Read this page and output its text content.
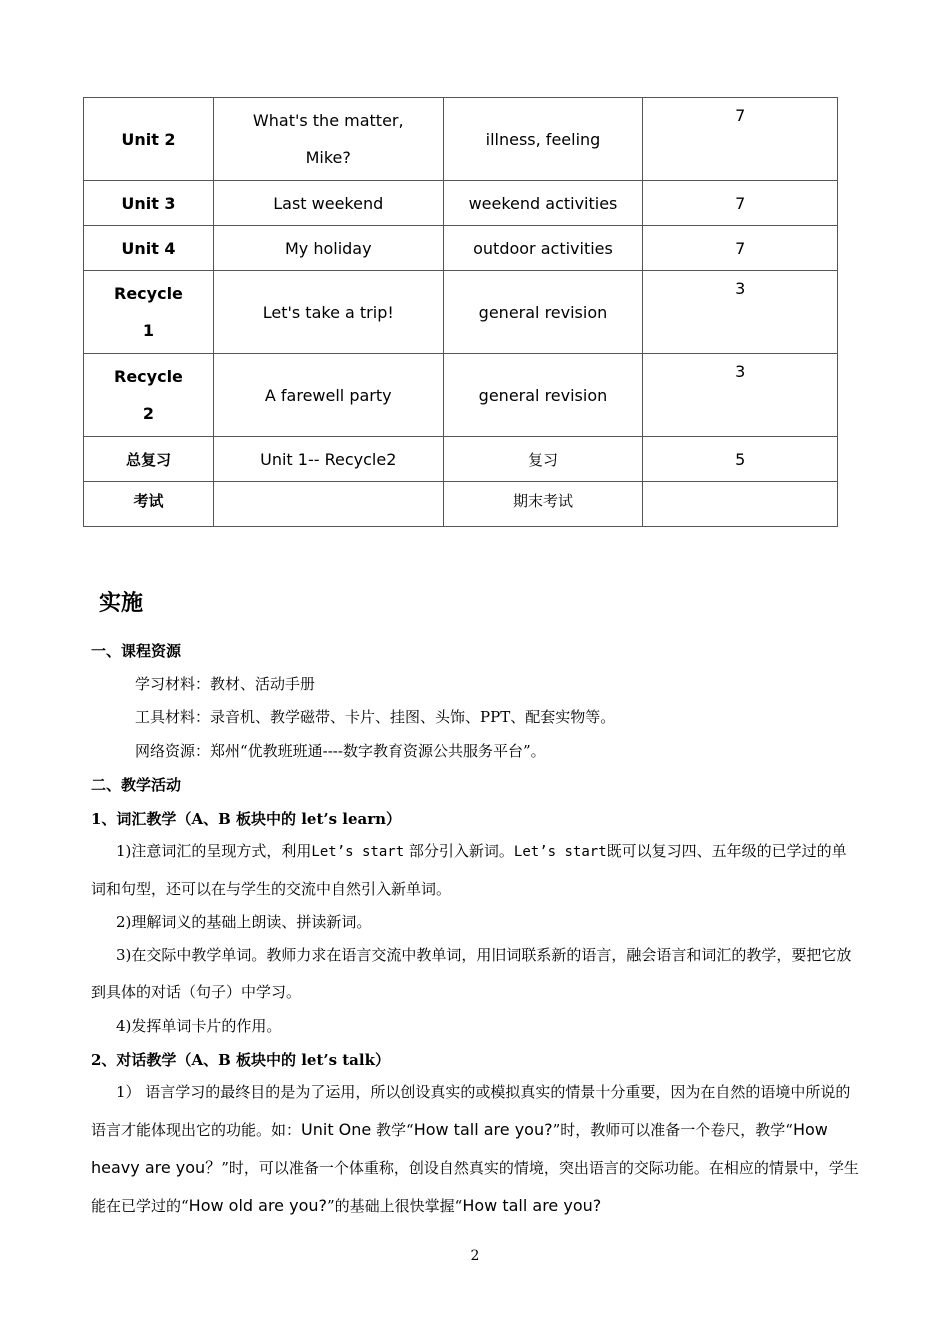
Unit 2	What's the matter, Mike?	illness, feeling	7
Unit 3	Last weekend	weekend activities	7
Unit 4	My holiday	outdoor activities	7
Recycle 1	Let's take a trip!	general revision	3
Recycle 2	A farewell party	general revision	3
总复习	Unit 1-- Recycle2	复习	5
考试		期末考试	
实施
一、课程资源
学习材料：教材、活动手册
工具材料：录音机、教学磁带、卡片、挂图、头饰、PPT、配套实物等。
网络资源：郑州“优教班班通----数字教育资源公共服务平台”。
二、教学活动
1、词汇教学（A、B 板块中的 let’s learn）
1)注意词汇的呈现方式，利用Let’s start 部分引入新词。Let’s start既可以复习四、五年级的已学过的单词和句型，还可以在与学生的交流中自然引入新单词。
2)理解词义的基础上朗读、拼读新词。
3)在交际中教学单词。教师力求在语言交流中教单词，用旧词联系新的语言，融会语言和词汇的教学，要把它放到具体的对话（句子）中学习。
4)发挥单词卡片的作用。
2、对话教学（A、B 板块中的 let’s talk）
1） 语言学习的最终目的是为了运用，所以创设真实的或模拟真实的情景十分重要，因为在自然的语境中所说的语言才能体现出它的功能。如：Unit One 教学“How tall are you?”时，教师可以准备一个卷尺，教学“How heavy are you？”时，可以准备一个体重称，创设自然真实的情境，突出语言的交际功能。在相应的情景中，学生能在已学过的“How old are you?”的基础上很快掌握“How tall are you?
2
